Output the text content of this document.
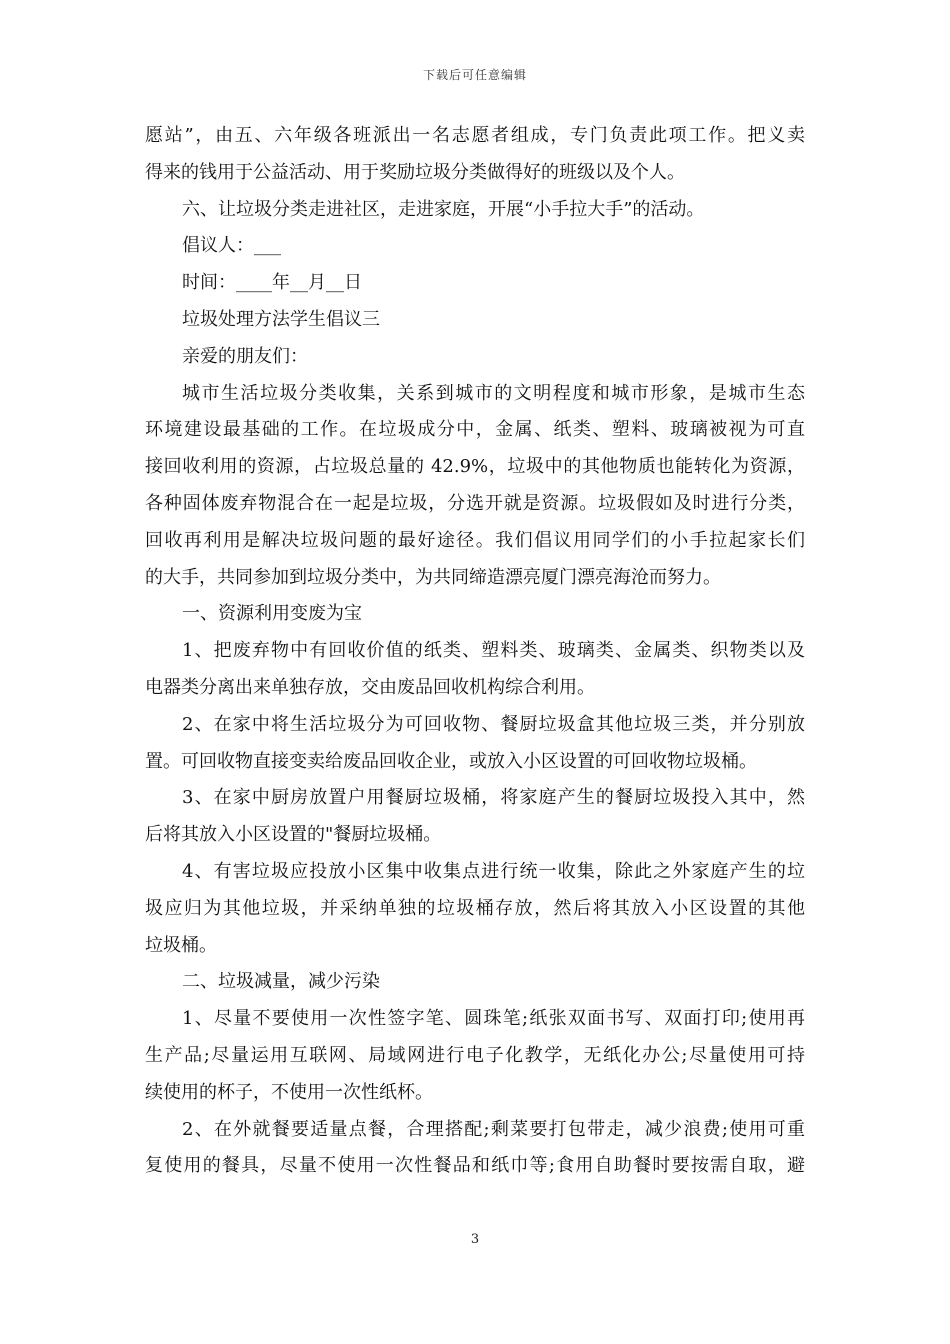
下载后可任意编辑
愿站”，由五、六年级各班派出一名志愿者组成，专门负责此项工作。把义卖
得来的钱用于公益活动、用于奖励垃圾分类做得好的班级以及个人。
六、让垃圾分类走进社区，走进家庭，开展“小手拉大手”的活动。
倡议人：___
时间：____年__月__日
垃圾处理方法学生倡议三
亲爱的朋友们：
城市生活垃圾分类收集，关系到城市的文明程度和城市形象，是城市生态
环境建设最基础的工作。在垃圾成分中，金属、纸类、塑料、玻璃被视为可直
接回收利用的资源，占垃圾总量的 42.9%，垃圾中的其他物质也能转化为资源，
各种固体废弃物混合在一起是垃圾，分选开就是资源。垃圾假如及时进行分类，
回收再利用是解决垃圾问题的最好途径。我们倡议用同学们的小手拉起家长们
的大手，共同参加到垃圾分类中，为共同缔造漂亮厦门漂亮海沧而努力。
一、资源利用变废为宝
1、把废弃物中有回收价值的纸类、塑料类、玻璃类、金属类、织物类以及
电器类分离出来单独存放，交由废品回收机构综合利用。
2、在家中将生活垃圾分为可回收物、餐厨垃圾盒其他垃圾三类，并分别放
置。可回收物直接变卖给废品回收企业，或放入小区设置的可回收物垃圾桶。
3、在家中厨房放置户用餐厨垃圾桶，将家庭产生的餐厨垃圾投入其中，然
后将其放入小区设置的"餐厨垃圾桶。
4、有害垃圾应投放小区集中收集点进行统一收集，除此之外家庭产生的垃
圾应归为其他垃圾，并采纳单独的垃圾桶存放，然后将其放入小区设置的其他
垃圾桶。
二、垃圾减量，减少污染
1、尽量不要使用一次性签字笔、圆珠笔;纸张双面书写、双面打印;使用再
生产品;尽量运用互联网、局域网进行电子化教学，无纸化办公;尽量使用可持
续使用的杯子，不使用一次性纸杯。
2、在外就餐要适量点餐，合理搭配;剩菜要打包带走，减少浪费;使用可重
复使用的餐具，尽量不使用一次性餐品和纸巾等;食用自助餐时要按需自取，避
3
